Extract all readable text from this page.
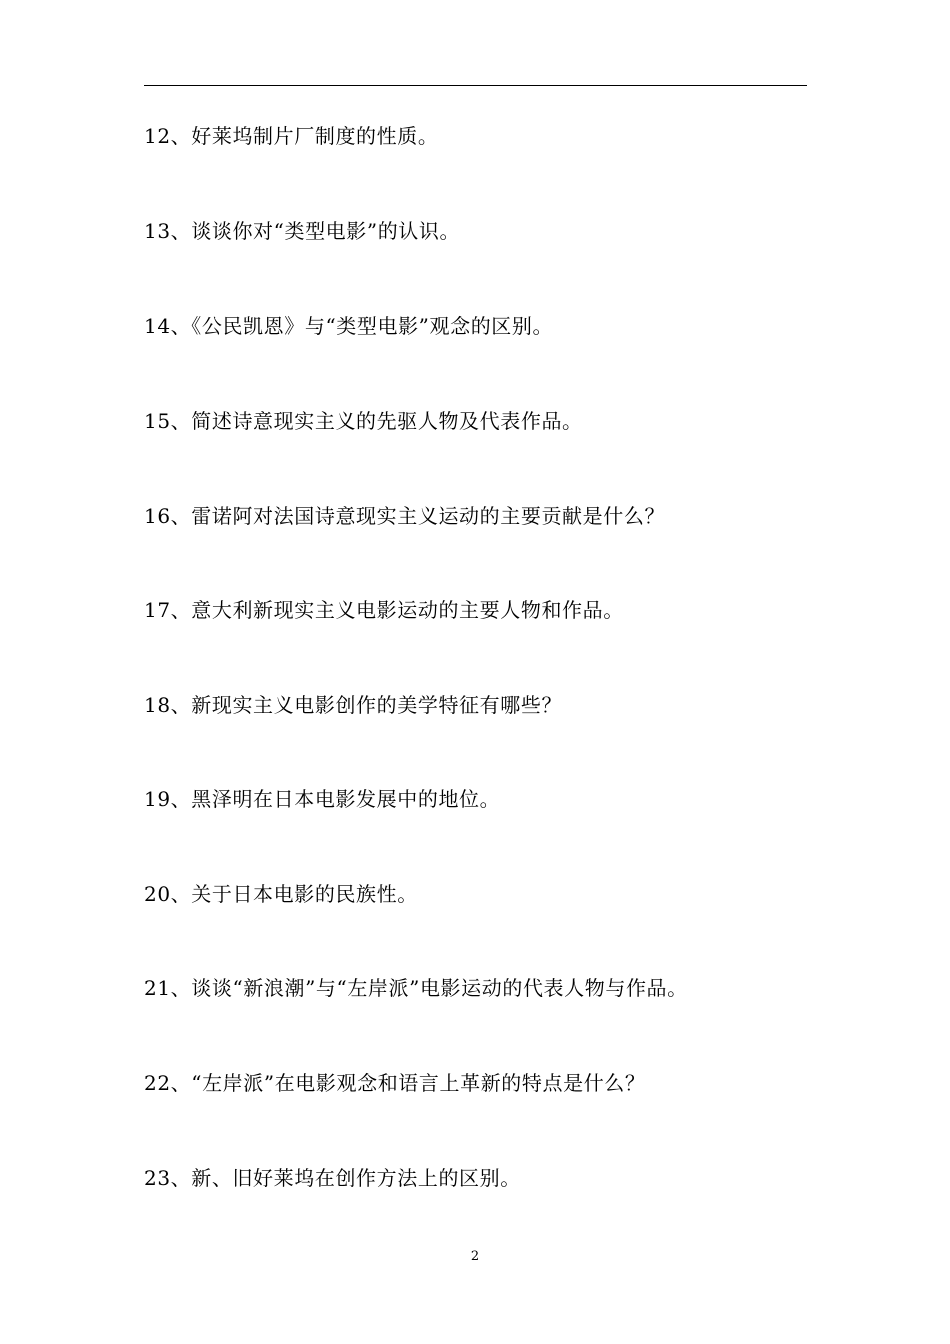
12、好莱坞制片厂制度的性质。
13、谈谈你对“类型电影”的认识。
14、《公民凯恩》与“类型电影”观念的区别。
15、简述诗意现实主义的先驱人物及代表作品。
16、雷诺阿对法国诗意现实主义运动的主要贡献是什么？
17、意大利新现实主义电影运动的主要人物和作品。
18、新现实主义电影创作的美学特征有哪些？
19、黑泽明在日本电影发展中的地位。
20、关于日本电影的民族性。
21、谈谈“新浪潮”与“左岸派”电影运动的代表人物与作品。
22、“左岸派”在电影观念和语言上革新的特点是什么？
23、新、旧好莱坞在创作方法上的区别。
2
